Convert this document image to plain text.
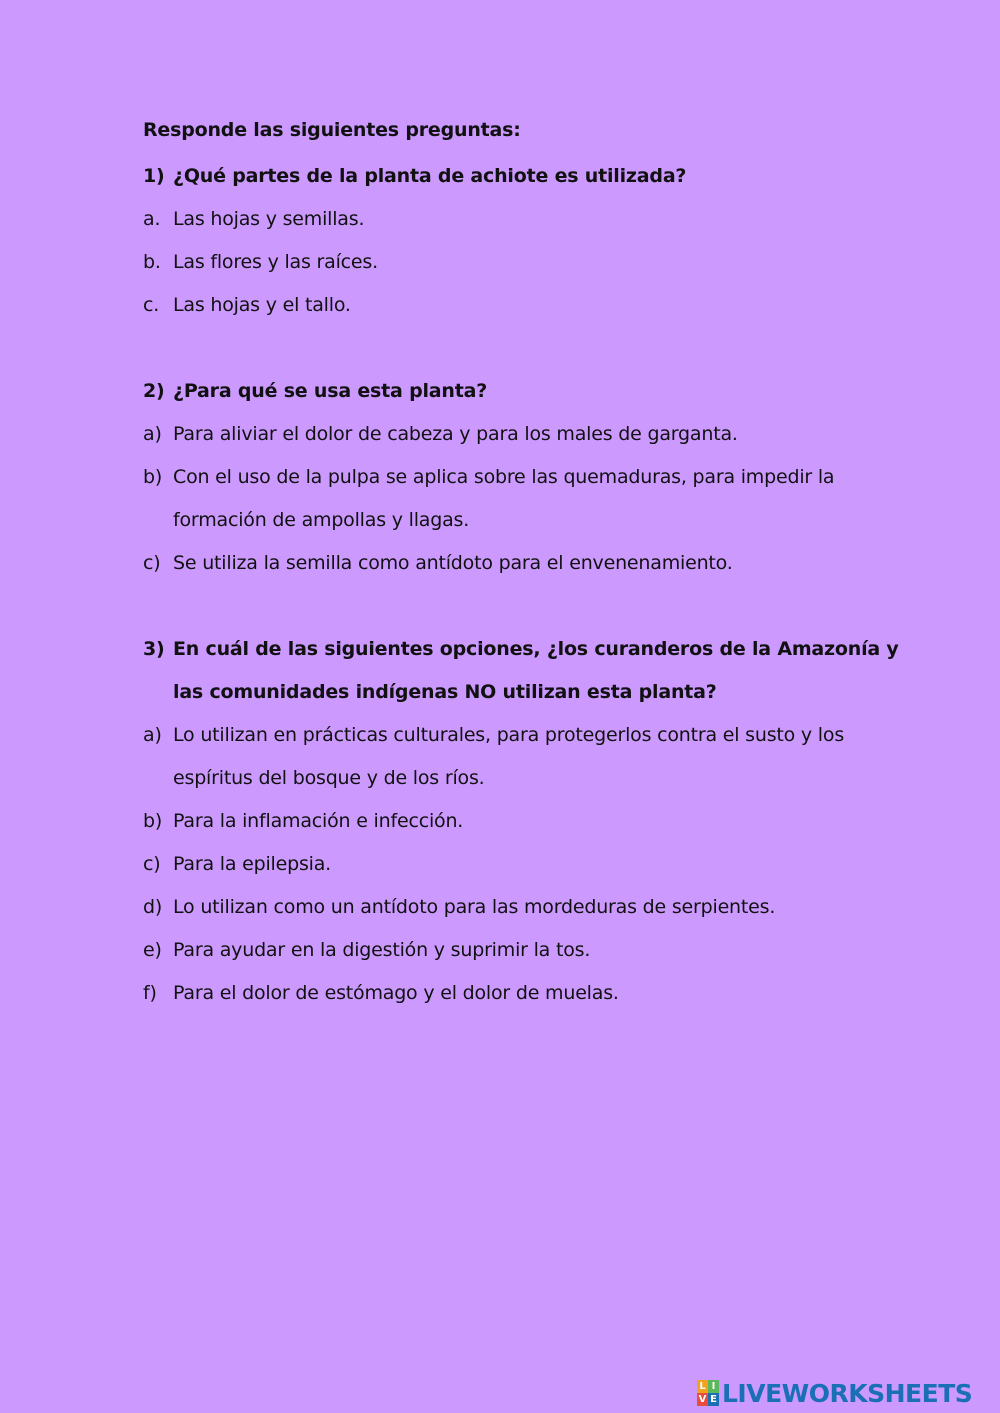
Responde las siguientes preguntas:
1) ¿Qué partes de la planta de achiote es utilizada?
a. Las hojas y semillas.
b. Las flores y las raíces.
c. Las hojas y el tallo.
2) ¿Para qué se usa esta planta?
a) Para aliviar el dolor de cabeza y para los males de garganta.
b) Con el uso de la pulpa se aplica sobre las quemaduras, para impedir la
formación de ampollas y llagas.
c) Se utiliza la semilla como antídoto para el envenenamiento.
3) En cuál de las siguientes opciones, ¿los curanderos de la Amazonía y
las comunidades indígenas NO utilizan esta planta?
a) Lo utilizan en prácticas culturales, para protegerlos contra el susto y los
espíritus del bosque y de los ríos.
b) Para la inflamación e infección.
c) Para la epilepsia.
d) Lo utilizan como un antídoto para las mordeduras de serpientes.
e) Para ayudar en la digestión y suprimir la tos.
f) Para el dolor de estómago y el dolor de muelas.
L I
V E LIVEWORKSHEETS
